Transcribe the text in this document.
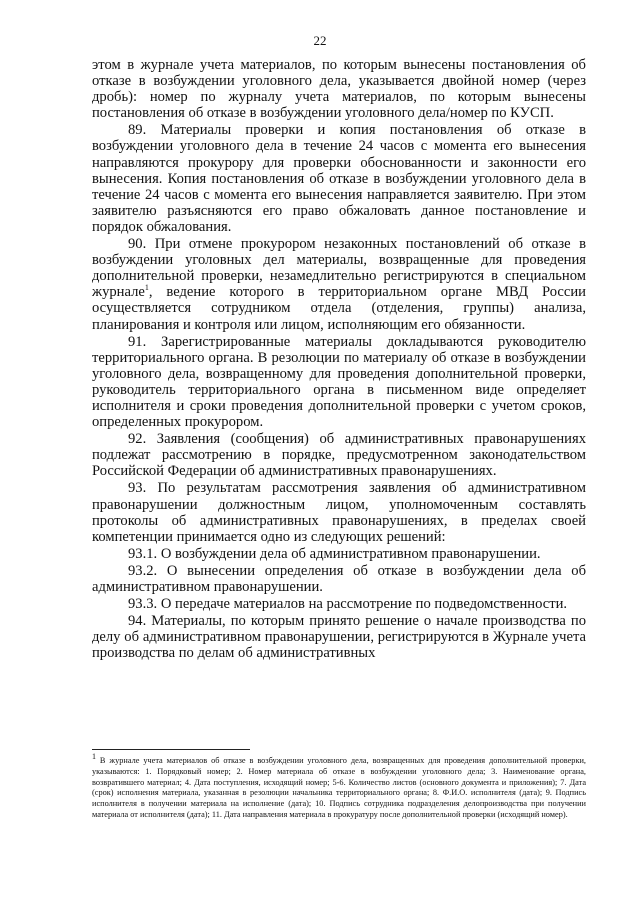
22

этом в журнале учета материалов, по которым вынесены постановления об отказе в возбуждении уголовного дела, указывается двойной номер (через дробь): номер по журналу учета материалов, по которым вынесены постановления об отказе в возбуждении уголовного дела/номер по КУСП.

89. Материалы проверки и копия постановления об отказе в возбуждении уголовного дела в течение 24 часов с момента его вынесения направляются прокурору для проверки обоснованности и законности его вынесения. Копия постановления об отказе в возбуждении уголовного дела в течение 24 часов с момента его вынесения направляется заявителю. При этом заявителю разъясняются его право обжаловать данное постановление и порядок обжалования.

90. При отмене прокурором незаконных постановлений об отказе в возбуждении уголовных дел материалы, возвращенные для проведения дополнительной проверки, незамедлительно регистрируются в специальном журнале$^1$, ведение которого в территориальном органе МВД России осуществляется сотрудником отдела (отделения, группы) анализа, планирования и контроля или лицом, исполняющим его обязанности.

91. Зарегистрированные материалы докладываются руководителю территориального органа. В резолюции по материалу об отказе в возбуждении уголовного дела, возвращенному для проведения дополнительной проверки, руководитель территориального органа в письменном виде определяет исполнителя и сроки проведения дополнительной проверки с учетом сроков, определенных прокурором.

92. Заявления (сообщения) об административных правонарушениях подлежат рассмотрению в порядке, предусмотренном законодательством Российской Федерации об административных правонарушениях.

93. По результатам рассмотрения заявления об административном правонарушении должностным лицом, уполномоченным составлять протоколы об административных правонарушениях, в пределах своей компетенции принимается одно из следующих решений:

93.1. О возбуждении дела об административном правонарушении.

93.2. О вынесении определения об отказе в возбуждении дела об административном правонарушении.

93.3. О передаче материалов на рассмотрение по подведомственности.

94. Материалы, по которым принято решение о начале производства по делу об административном правонарушении, регистрируются в Журнале учета производства по делам об административных

$^1$ В журнале учета материалов об отказе в возбуждении уголовного дела, возвращенных для проведения дополнительной проверки, указываются: 1. Порядковый номер; 2. Номер материала об отказе в возбуждении уголовного дела; 3. Наименование органа, возвратившего материал; 4. Дата поступления, исходящий номер; 5-6. Количество листов (основного документа и приложения); 7. Дата (срок) исполнения материала, указанная в резолюции начальника территориального органа; 8. Ф.И.О. исполнителя (дата); 9. Подпись исполнителя в получении материала на исполнение (дата); 10. Подпись сотрудника подразделения делопроизводства при получении материала от исполнителя (дата); 11. Дата направления материала в прокуратуру после дополнительной проверки (исходящий номер).
